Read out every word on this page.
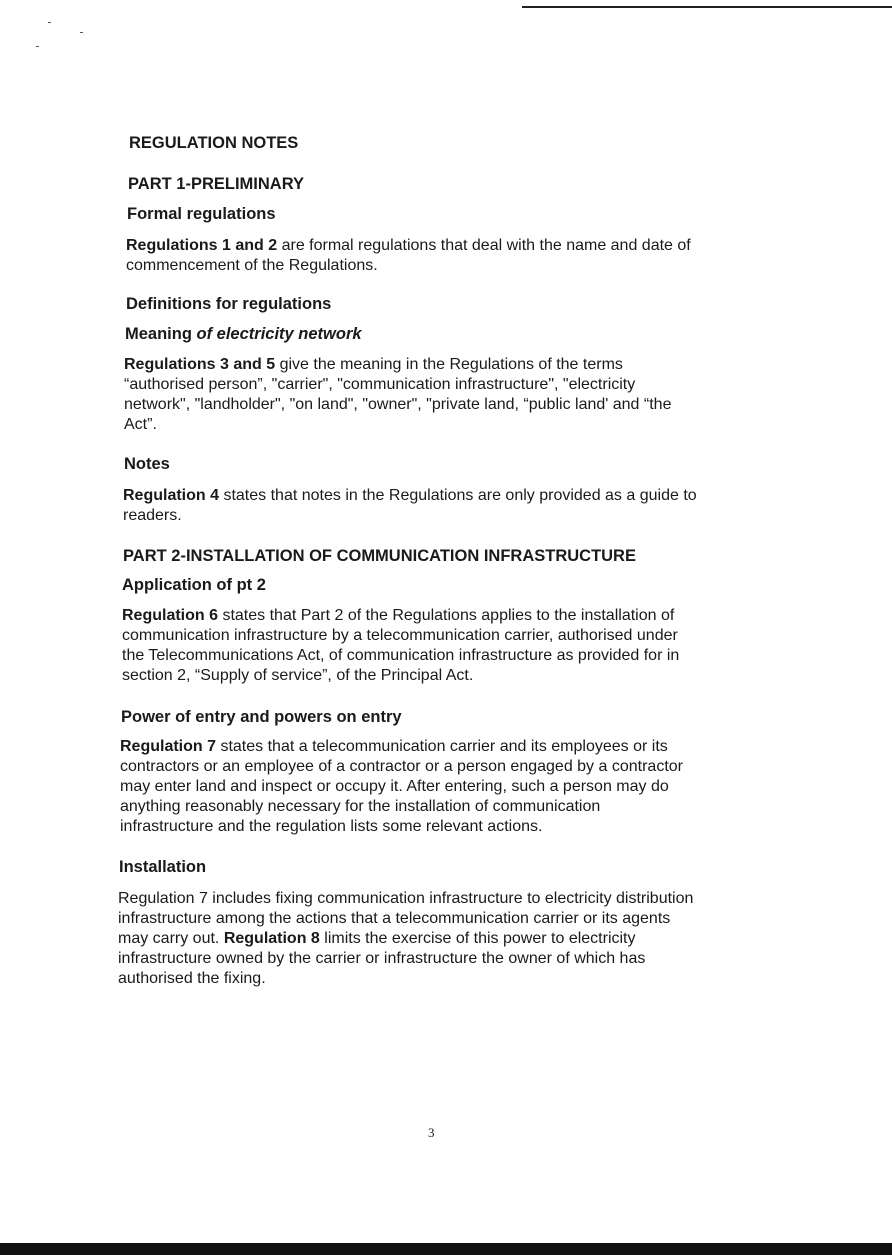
REGULATION NOTES
PART 1-PRELIMINARY
Formal regulations

Regulations 1 and 2 are formal regulations that deal with the name and date of
commencement of the Regulations.

Definitions for regulations
Meaning of electricity network

Regulations 3 and 5 give the meaning in the Regulations of the terms
“authorised person”, "carrier", "communication infrastructure", "electricity
network", "landholder", "on land", "owner", "private land, “public land' and “the
Act”.

Notes

Regulation 4 states that notes in the Regulations are only provided as a guide to
readers.

PART 2-INSTALLATION OF COMMUNICATION INFRASTRUCTURE
Application of pt 2

Regulation 6 states that Part 2 of the Regulations applies to the installation of
communication infrastructure by a telecommunication carrier, authorised under
the Telecommunications Act, of communication infrastructure as provided for in
section 2, “Supply of service”, of the Principal Act.

Power of entry and powers on entry

Regulation 7 states that a telecommunication carrier and its employees or its
contractors or an employee of a contractor or a person engaged by a contractor
may enter land and inspect or occupy it. After entering, such a person may do
anything reasonably necessary for the installation of communication
infrastructure and the regulation lists some relevant actions.

Installation

Regulation 7 includes fixing communication infrastructure to electricity distribution
infrastructure among the actions that a telecommunication carrier or its agents
may carry out. Regulation 8 limits the exercise of this power to electricity
infrastructure owned by the carrier or infrastructure the owner of which has
authorised the fixing.

3
